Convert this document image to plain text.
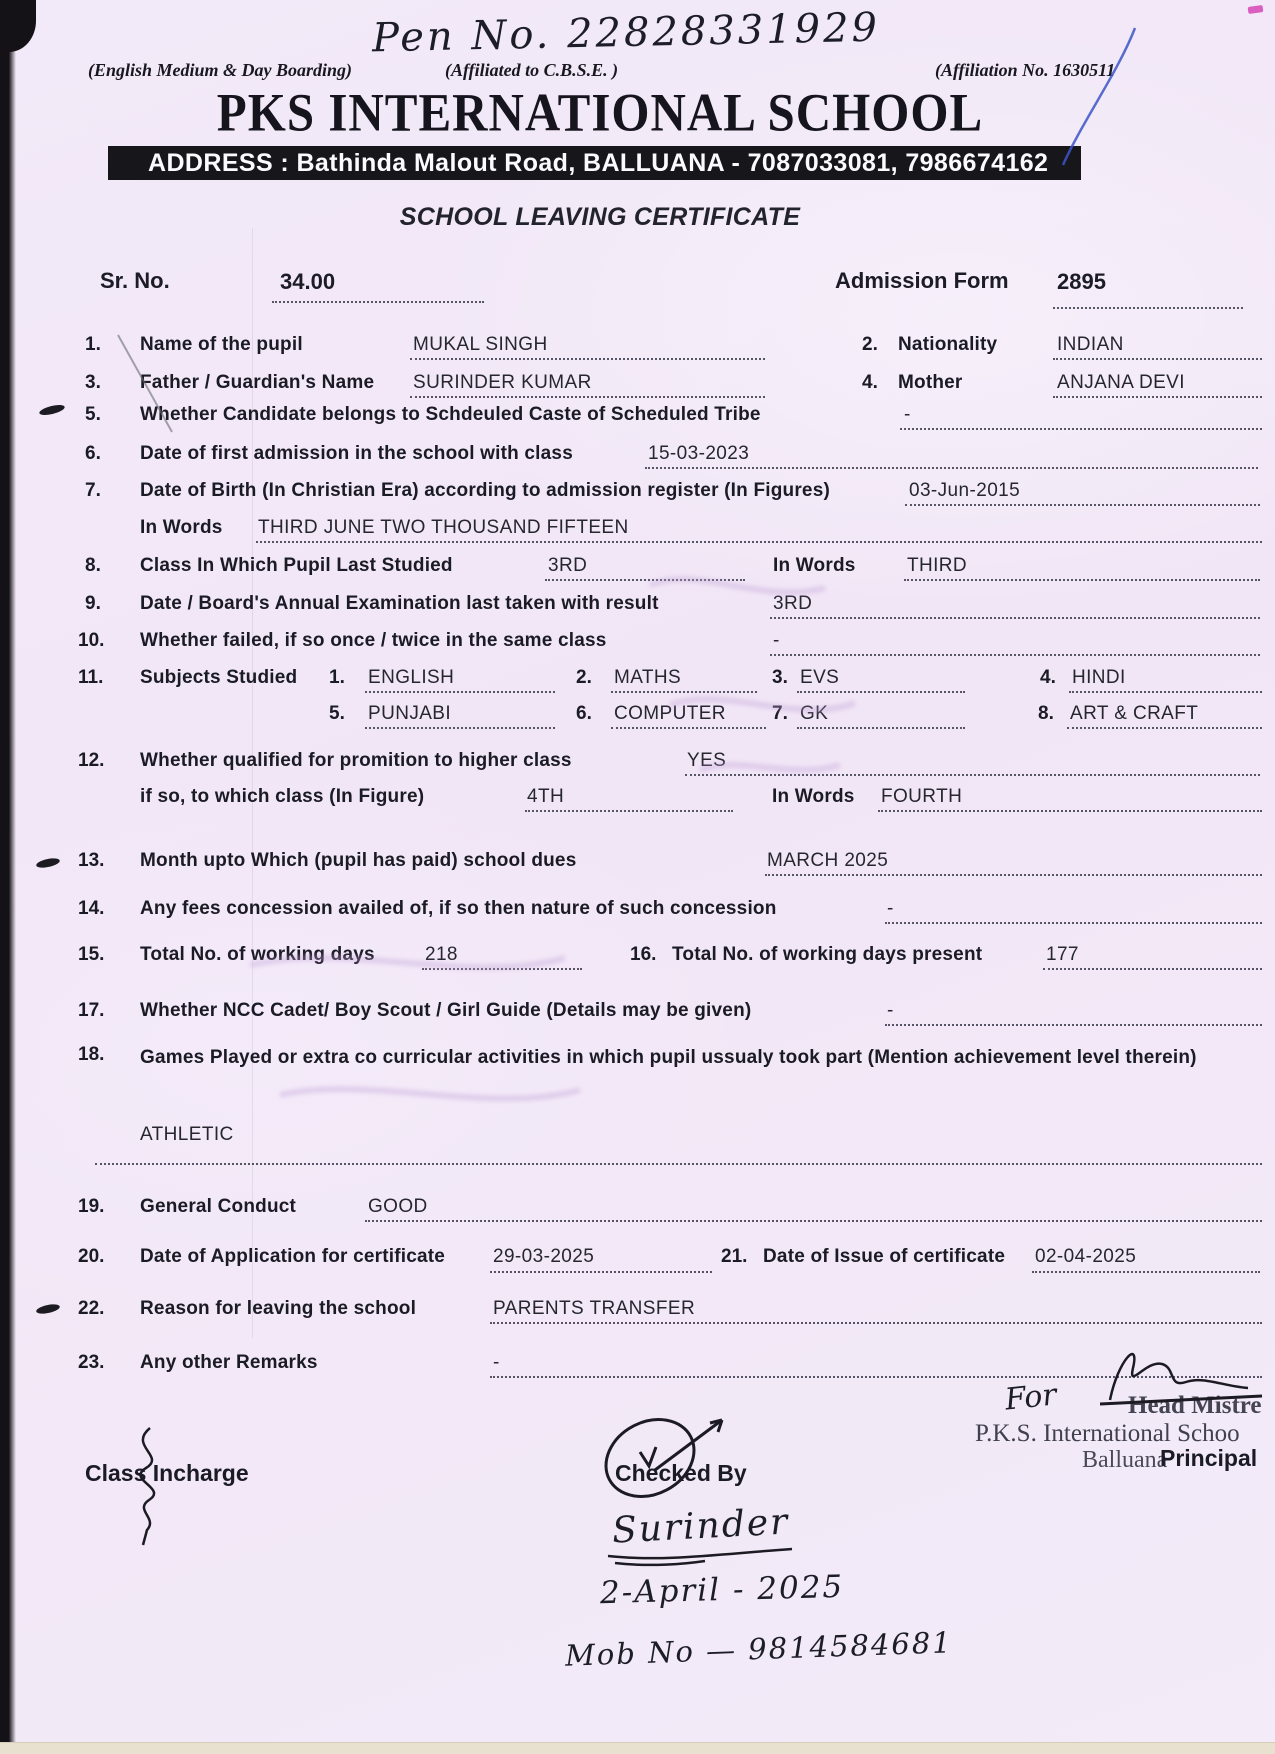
Pen No. 22828331929
(English Medium & Day Boarding)	(Affiliated to C.B.S.E. )	(Affiliation No. 1630511
PKS INTERNATIONAL SCHOOL
ADDRESS : Bathinda Malout Road, BALLUANA - 7087033081, 7986674162
SCHOOL LEAVING CERTIFICATE
Sr. No.	34.00	Admission Form 2895
1. Name of the pupil	MUKAL SINGH	2. Nationality	INDIAN
3. Father / Guardian's Name SURINDER KUMAR	4. Mother	ANJANA DEVI
5. Whether Candidate belongs to Schdeuled Caste of Scheduled Tribe	-
6. Date of first admission in the school with class	15-03-2023
7. Date of Birth (In Christian Era) according to admission register (In Figures)	03-Jun-2015
In Words THIRD JUNE TWO THOUSAND FIFTEEN
8. Class In Which Pupil Last Studied	3RD	In Words	THIRD
9. Date / Board's Annual Examination last taken with result	3RD
10. Whether failed, if so once / twice in the same class	-
11. Subjects Studied 1. ENGLISH	2. MATHS	3. EVS	4. HINDI
5. PUNJABI	6. COMPUTER 7. GK	8. ART & CRAFT
12. Whether qualified for promition to higher class	YES
if so, to which class (In Figure)	4TH	In Words FOURTH
13. Month upto Which (pupil has paid) school dues	MARCH 2025
14. Any fees concession availed of, if so then nature of such concession	-
15. Total No. of working days	218	16. Total No. of working days present	177
17. Whether NCC Cadet/ Boy Scout / Girl Guide (Details may be given)	-
18. Games Played or extra co curricular activities in which pupil ussualy took part (Mention achievement level therein)
ATHLETIC
19. General Conduct	GOOD
20. Date of Application for certificate	29-03-2025	21. Date of Issue of certificate 02-04-2025
22. Reason for leaving the school	PARENTS TRANSFER
23. Any other Remarks	-
For	Head Mistre
P.K.S. International Schoo
Balluana
Principal
Class Incharge	Checked By
Surinder
2-April - 2025
Mob No — 9814584681
